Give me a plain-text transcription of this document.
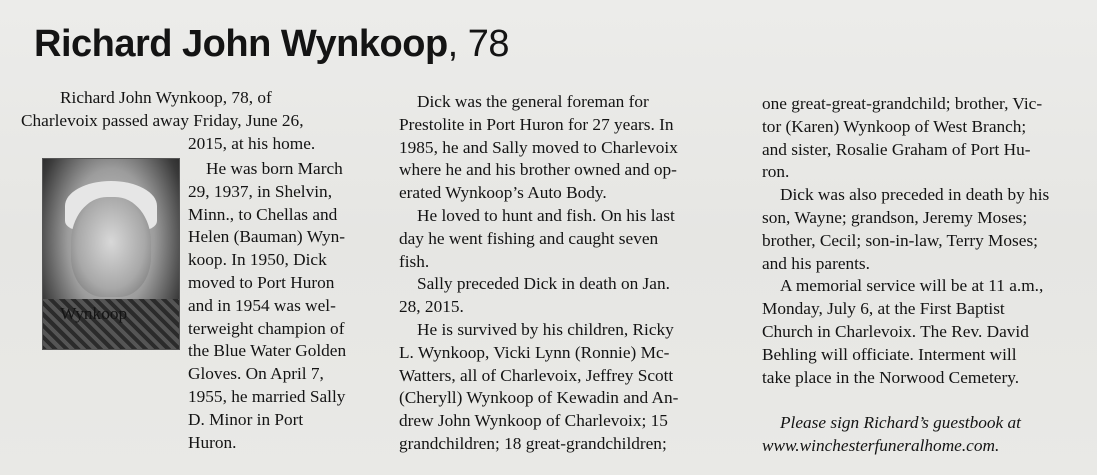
Richard John Wynkoop, 78

Richard John Wynkoop, 78, of

Charlevoix passed away Friday, June 26,

2015, at his home.

Wynkoop

He was born March

29, 1937, in Shelvin,

Minn., to Chellas and

Helen (Bauman) Wyn-

koop. In 1950, Dick

moved to Port Huron

and in 1954 was wel-

terweight champion of

the Blue Water Golden

Gloves. On April 7,

1955, he married Sally

D. Minor in Port

Huron.

Dick was the general foreman for

Prestolite in Port Huron for 27 years. In

1985, he and Sally moved to Charlevoix

where he and his brother owned and op-

erated Wynkoop’s Auto Body.

He loved to hunt and fish. On his last

day he went fishing and caught seven

fish.

Sally preceded Dick in death on Jan.

28, 2015.

He is survived by his children, Ricky

L. Wynkoop, Vicki Lynn (Ronnie) Mc-

Watters, all of Charlevoix, Jeffrey Scott

(Cheryll) Wynkoop of Kewadin and An-

drew John Wynkoop of Charlevoix; 15

grandchildren; 18 great-grandchildren;

one great-great-grandchild; brother, Vic-

tor (Karen) Wynkoop of West Branch;

and sister, Rosalie Graham of Port Hu-

ron.

Dick was also preceded in death by his

son, Wayne; grandson, Jeremy Moses;

brother, Cecil; son-in-law, Terry Moses;

and his parents.

A memorial service will be at 11 a.m.,

Monday, July 6, at the First Baptist

Church in Charlevoix. The Rev. David

Behling will officiate. Interment will

take place in the Norwood Cemetery.

Please sign Richard’s guestbook at

www.winchesterfuneralhome.com.
